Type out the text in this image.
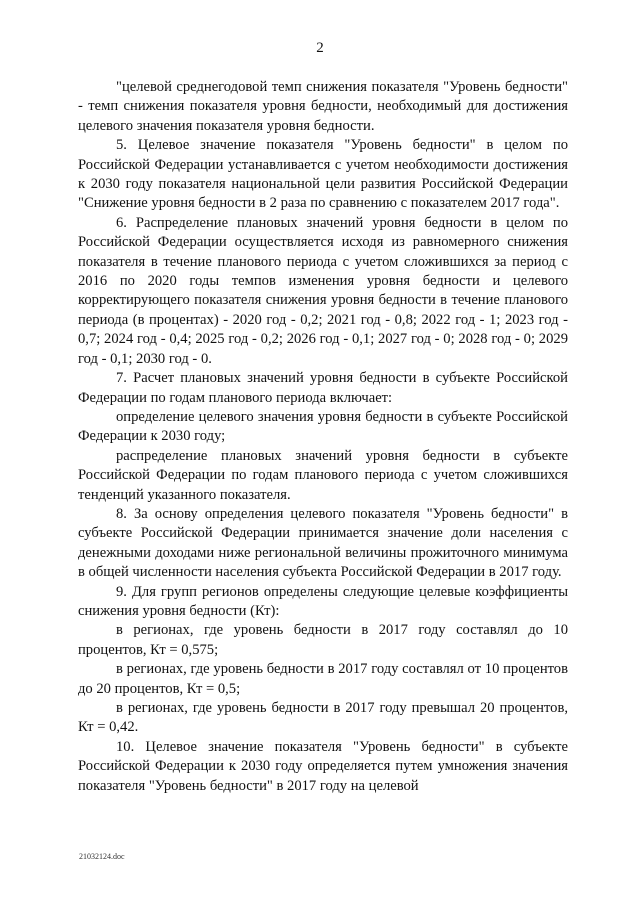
2

"целевой среднегодовой темп снижения показателя "Уровень бедности" - темп снижения показателя уровня бедности, необходимый для достижения целевого значения показателя уровня бедности.

5. Целевое значение показателя "Уровень бедности" в целом по Российской Федерации устанавливается с учетом необходимости достижения к 2030 году показателя национальной цели развития Российской Федерации "Снижение уровня бедности в 2 раза по сравнению с показателем 2017 года".

6. Распределение плановых значений уровня бедности в целом по Российской Федерации осуществляется исходя из равномерного снижения показателя в течение планового периода с учетом сложившихся за период с 2016 по 2020 годы темпов изменения уровня бедности и целевого корректирующего показателя снижения уровня бедности в течение планового периода (в процентах) - 2020 год - 0,2; 2021 год - 0,8; 2022 год - 1; 2023 год - 0,7; 2024 год - 0,4; 2025 год - 0,2; 2026 год - 0,1; 2027 год - 0; 2028 год - 0; 2029 год - 0,1; 2030 год - 0.

7. Расчет плановых значений уровня бедности в субъекте Российской Федерации по годам планового периода включает:

определение целевого значения уровня бедности в субъекте Российской Федерации к 2030 году;

распределение плановых значений уровня бедности в субъекте Российской Федерации по годам планового периода с учетом сложившихся тенденций указанного показателя.

8. За основу определения целевого показателя "Уровень бедности" в субъекте Российской Федерации принимается значение доли населения с денежными доходами ниже региональной величины прожиточного минимума в общей численности населения субъекта Российской Федерации в 2017 году.

9. Для групп регионов определены следующие целевые коэффициенты снижения уровня бедности (Кт):

в регионах, где уровень бедности в 2017 году составлял до 10 процентов, Кт = 0,575;

в регионах, где уровень бедности в 2017 году составлял от 10 процентов до 20 процентов, Кт = 0,5;

в регионах, где уровень бедности в 2017 году превышал 20 процентов, Кт = 0,42.

10. Целевое значение показателя "Уровень бедности" в субъекте Российской Федерации к 2030 году определяется путем умножения значения показателя "Уровень бедности" в 2017 году на целевой

21032124.doc
